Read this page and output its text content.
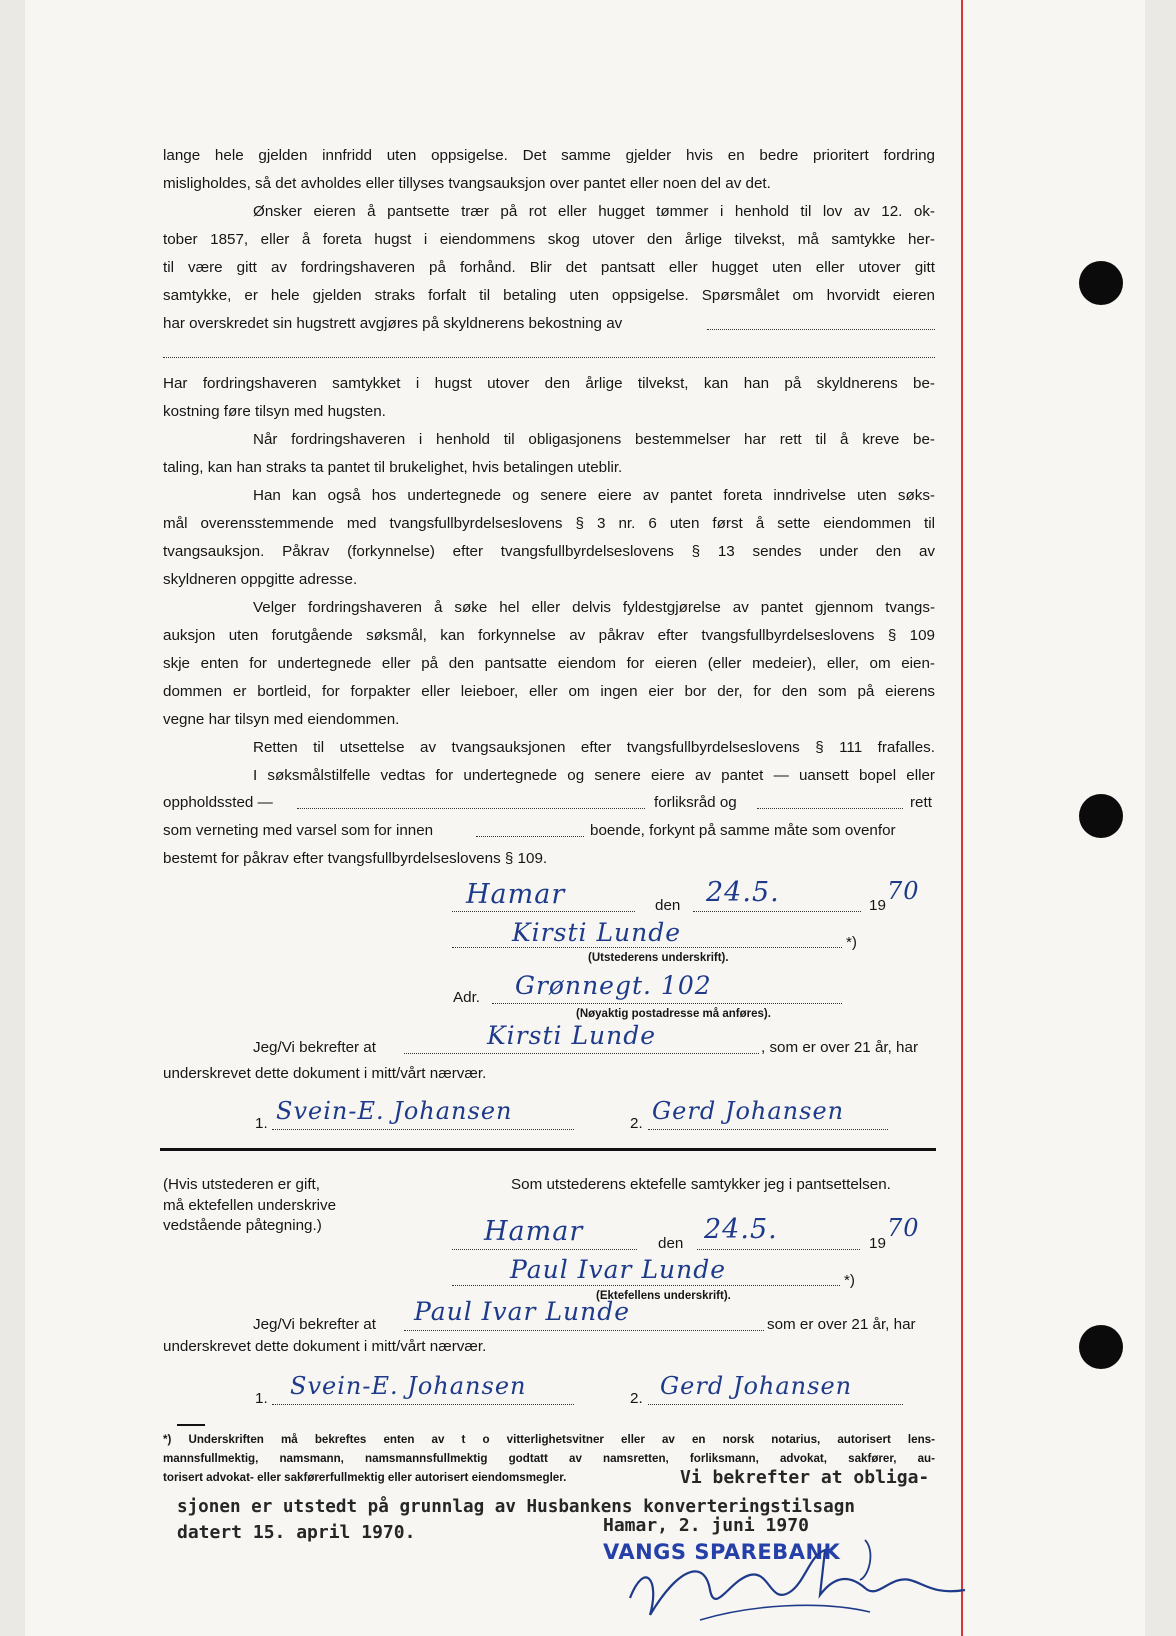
lange hele gjelden innfridd uten oppsigelse. Det samme gjelder hvis en bedre prioritert fordring
misligholdes, så det avholdes eller tillyses tvangsauksjon over pantet eller noen del av det.
Ønsker eieren å pantsette trær på rot eller hugget tømmer i henhold til lov av 12. ok-
tober 1857, eller å foreta hugst i eiendommens skog utover den årlige tilvekst, må samtykke her-
til være gitt av fordringshaveren på forhånd. Blir det pantsatt eller hugget uten eller utover gitt
samtykke, er hele gjelden straks forfalt til betaling uten oppsigelse. Spørsmålet om hvorvidt eieren
har overskredet sin hugstrett avgjøres på skyldnerens bekostning av
Har fordringshaveren samtykket i hugst utover den årlige tilvekst, kan han på skyldnerens be-
kostning føre tilsyn med hugsten.
Når fordringshaveren i henhold til obligasjonens bestemmelser har rett til å kreve be-
taling, kan han straks ta pantet til brukelighet, hvis betalingen uteblir.
Han kan også hos undertegnede og senere eiere av pantet foreta inndrivelse uten søks-
mål overensstemmende med tvangsfullbyrdelseslovens § 3 nr. 6 uten først å sette eiendommen til
tvangsauksjon. Påkrav (forkynnelse) efter tvangsfullbyrdelseslovens § 13 sendes under den av
skyldneren oppgitte adresse.
Velger fordringshaveren å søke hel eller delvis fyldestgjørelse av pantet gjennom tvangs-
auksjon uten forutgående søksmål, kan forkynnelse av påkrav efter tvangsfullbyrdelseslovens § 109
skje enten for undertegnede eller på den pantsatte eiendom for eieren (eller medeier), eller, om eien-
dommen er bortleid, for forpakter eller leieboer, eller om ingen eier bor der, for den som på eierens
vegne har tilsyn med eiendommen.
Retten til utsettelse av tvangsauksjonen efter tvangsfullbyrdelseslovens § 111 frafalles.
I søksmålstilfelle vedtas for undertegnede og senere eiere av pantet — uansett bopel eller
oppholdssted —	forliksråd og	rett
som verneting med varsel som for innen	boende, forkynt på samme måte som ovenfor
bestemt for påkrav efter tvangsfullbyrdelseslovens § 109.
Hamar	den 24.5.	19
70
Kirsti Lunde	*)
(Utstederens underskrift).
Adr. Grønnegt. 102
(Nøyaktig postadresse må anføres).
Jeg/Vi bekrefter at	Kirsti Lunde	, som er over 21 år, har
underskrevet dette dokument i mitt/vårt nærvær.
1. Svein-E. Johansen	2. Gerd Johansen
(Hvis utstederen er gift,
må ektefellen underskrive
vedstående påtegning.)
Som utstederens ektefelle samtykker jeg i pantsettelsen.
Hamar	den 24.5.	19
70
Paul Ivar Lunde	*)
(Ektefellens underskrift).
Jeg/Vi bekrefter at Paul Ivar Lunde	som er over 21 år, har
underskrevet dette dokument i mitt/vårt nærvær.
1. Svein-E. Johansen	2. Gerd Johansen
*) Underskriften må bekreftes enten av t o vitterlighetsvitner eller av en norsk notarius, autorisert lens-
mannsfullmektig, namsmann, namsmannsfullmektig godtatt av namsretten, forliksmann, advokat, sakfører, au-
torisert advokat- eller sakførerfullmektig eller autorisert eiendomsmegler.	Vi bekrefter at obliga-
sjonen er utstedt på grunnlag av Husbankens konverteringstilsagn
datert 15. april 1970.	Hamar, 2. juni 1970
VANGS SPAREBANK
